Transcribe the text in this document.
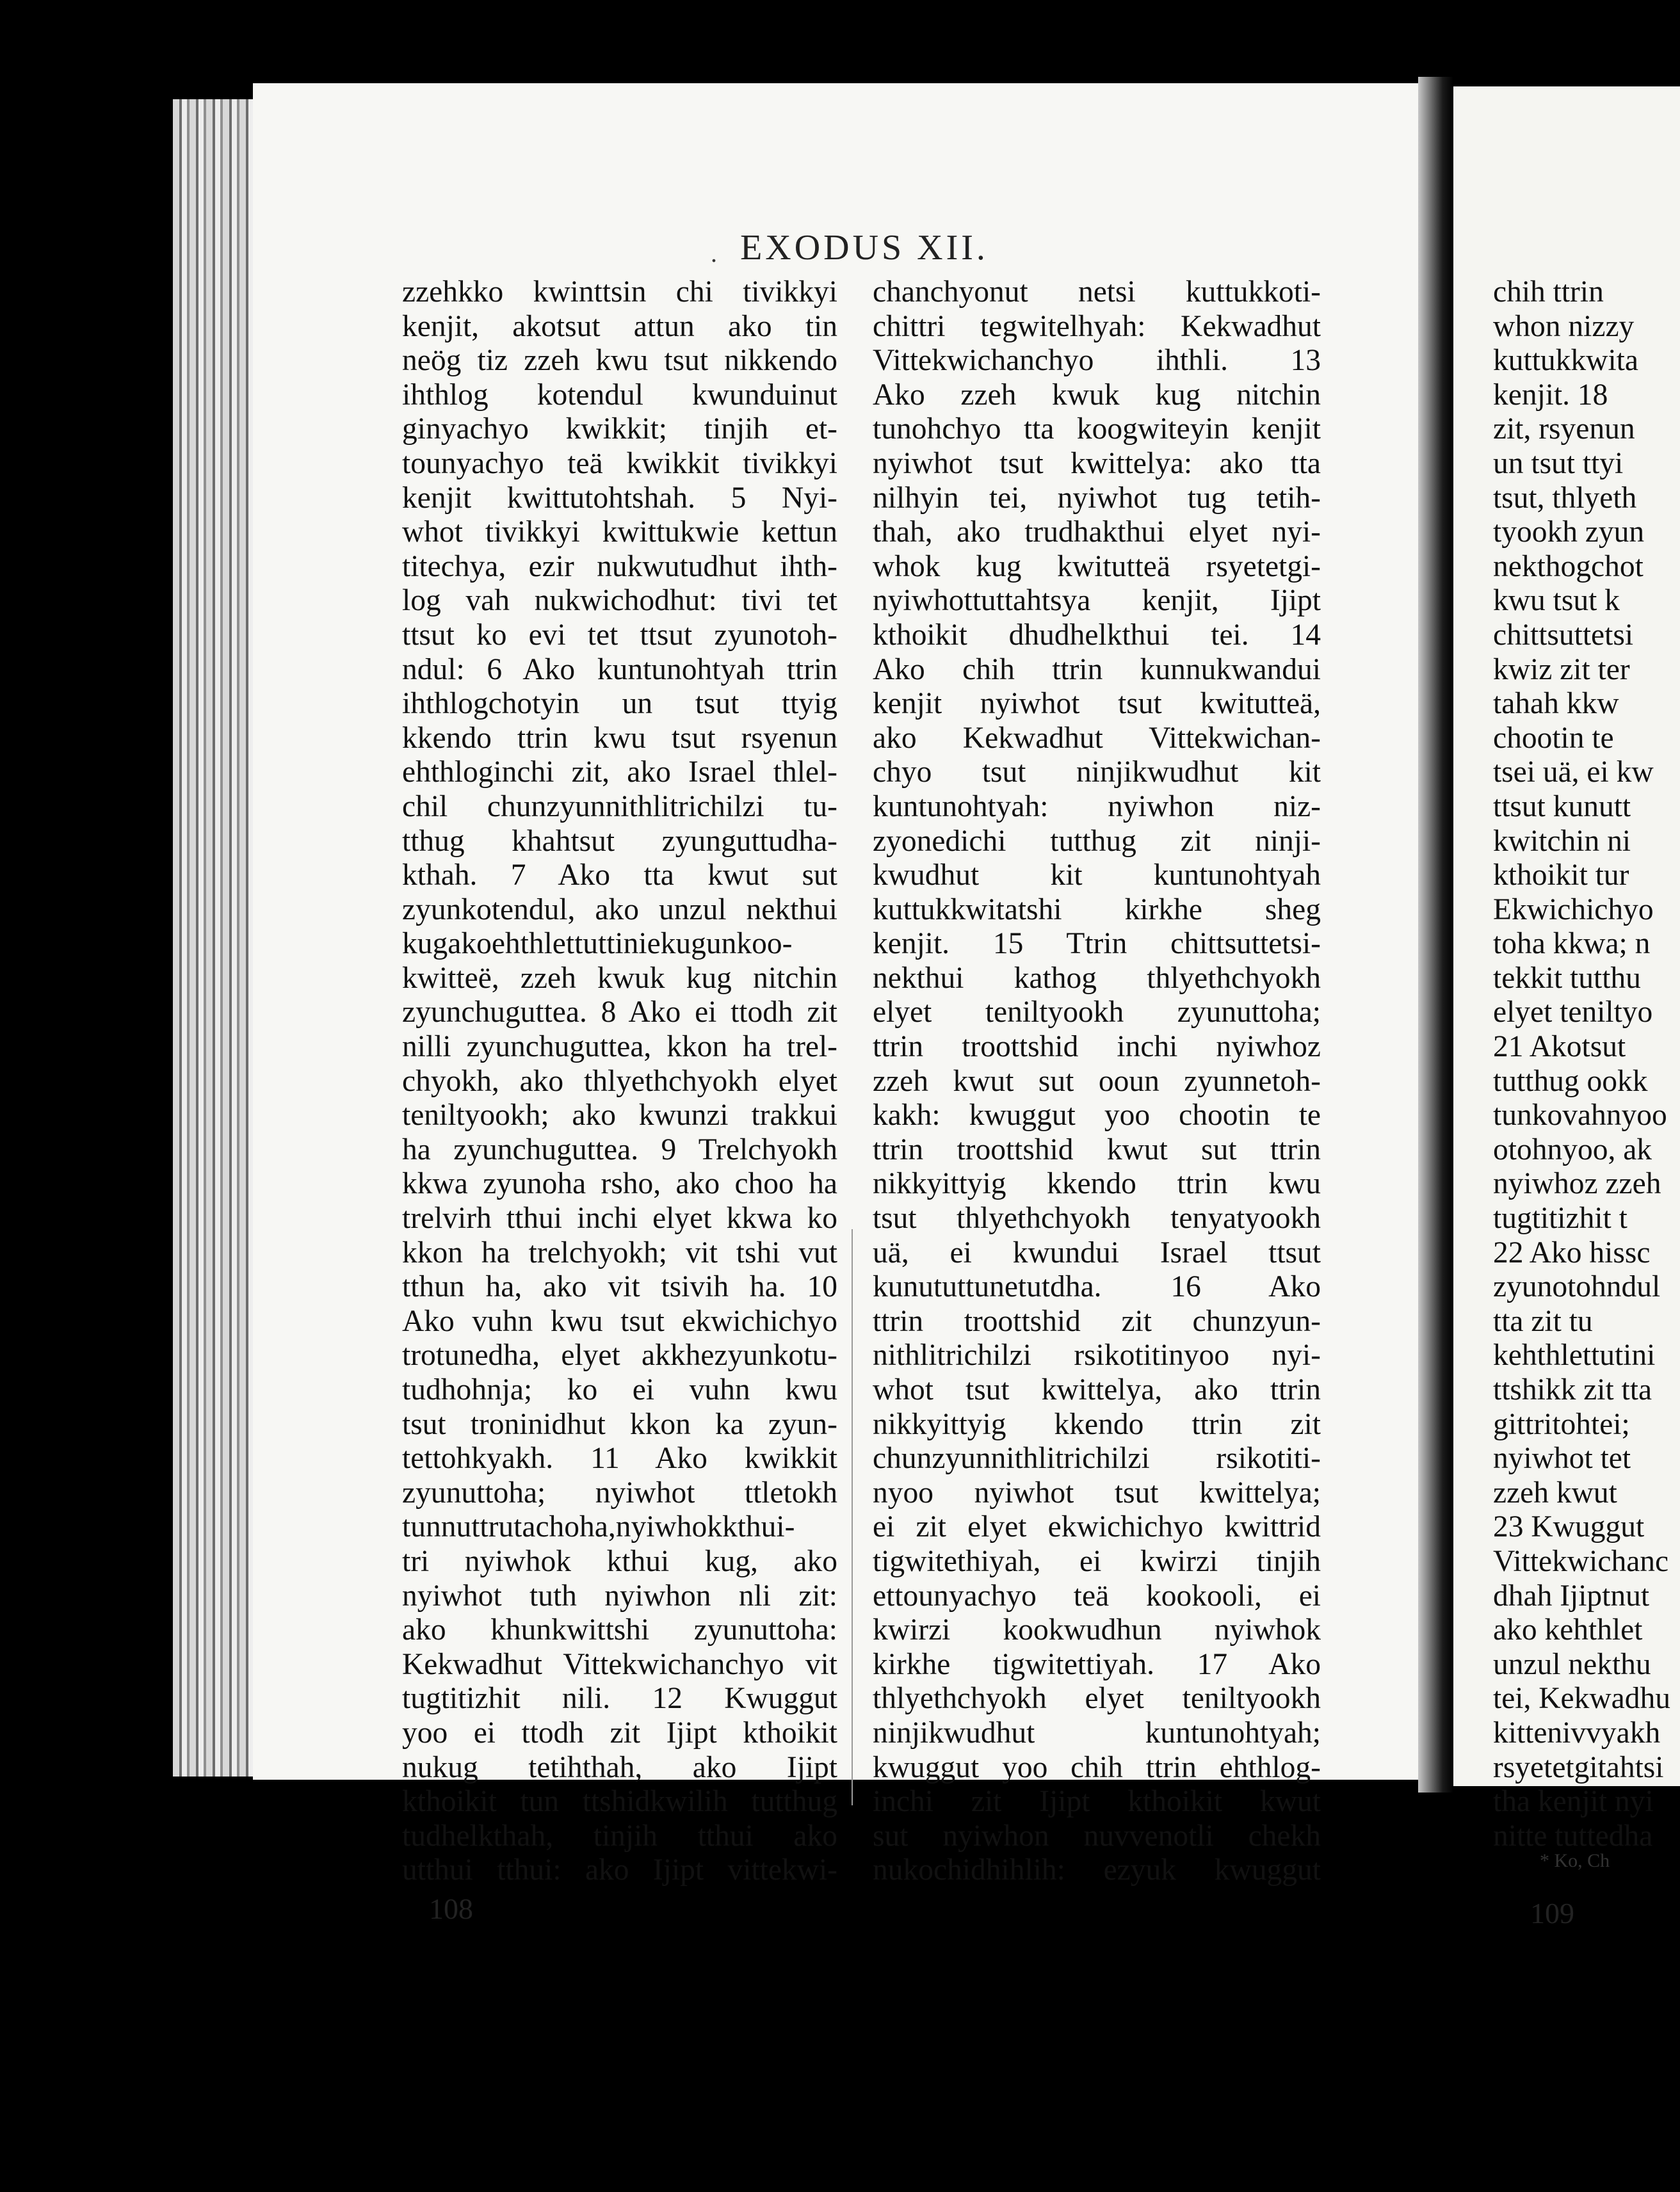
. EXODUS XII.
zzehkko kwinttsin chi tivikkyi
kenjit, akotsut attun ako tin
neög tiz zzeh kwu tsut nikkendo
ihthlog kotendul kwunduinut
ginyachyo kwikkit; tinjih et-
tounyachyo teä kwikkit tivikkyi
kenjit kwittutohtshah. 5 Nyi-
whot tivikkyi kwittukwie kettun
titechya, ezir nukwutudhut ihth-
log vah nukwichodhut: tivi tet
ttsut ko evi tet ttsut zyunotoh-
ndul: 6 Ako kuntunohtyah ttrin
ihthlogchotyin un tsut ttyig
kkendo ttrin kwu tsut rsyenun
ehthloginchi zit, ako Israel thlel-
chil chunzyunnithlitrichilzi tu-
tthug khahtsut zyunguttudha-
kthah. 7 Ako tta kwut sut
zyunkotendul, ako unzul nekthui
kugakoehthlettuttiniekugunkoo-
kwitteë, zzeh kwuk kug nitchin
zyunchuguttea. 8 Ako ei ttodh zit
nilli zyunchuguttea, kkon ha trel-
chyokh, ako thlyethchyokh elyet
teniltyookh; ako kwunzi trakkui
ha zyunchuguttea. 9 Trelchyokh
kkwa zyunoha rsho, ako choo ha
trelvirh tthui inchi elyet kkwa ko
kkon ha trelchyokh; vit tshi vut
tthun ha, ako vit tsivih ha. 10
Ako vuhn kwu tsut ekwichichyo
trotunedha, elyet akkhezyunkotu-
tudhohnja; ko ei vuhn kwu
tsut troninidhut kkon ka zyun-
tettohkyakh. 11 Ako kwikkit
zyunuttoha; nyiwhot ttletokh
tunnuttrutachoha,nyiwhokkthui-
tri nyiwhok kthui kug, ako
nyiwhot tuth nyiwhon nli zit:
ako khunkwittshi zyunuttoha:
Kekwadhut Vittekwichanchyo vit
tugtitizhit nili. 12 Kwuggut
yoo ei ttodh zit Ijipt kthoikit
nukug tetihthah, ako Ijipt
kthoikit tun ttshidkwilih tutthug
tudhelkthah, tinjih tthui ako
utthui tthui: ako Ijipt vittekwi-
chanchyonut netsi kuttukkoti-
chittri tegwitelhyah: Kekwadhut
Vittekwichanchyo ihthli. 13
Ako zzeh kwuk kug nitchin
tunohchyo tta koogwiteyin kenjit
nyiwhot tsut kwittelya: ako tta
nilhyin tei, nyiwhot tug tetih-
thah, ako trudhakthui elyet nyi-
whok kug kwitutteä rsyetetgi-
nyiwhottuttahtsya kenjit, Ijipt
kthoikit dhudhelkthui tei. 14
Ako chih ttrin kunnukwandui
kenjit nyiwhot tsut kwitutteä,
ako Kekwadhut Vittekwichan-
chyo tsut ninjikwudhut kit
kuntunohtyah: nyiwhon niz-
zyonedichi tutthug zit ninji-
kwudhut kit kuntunohtyah
kuttukkwitatshi kirkhe sheg
kenjit. 15 Ttrin chittsuttetsi-
nekthui kathog thlyethchyokh
elyet teniltyookh zyunuttoha;
ttrin troottshid inchi nyiwhoz
zzeh kwut sut ooun zyunnetoh-
kakh: kwuggut yoo chootin te
ttrin troottshid kwut sut ttrin
nikkyittyig kkendo ttrin kwu
tsut thlyethchyokh tenyatyookh
uä, ei kwundui Israel ttsut
kunututtunetutdha. 16 Ako
ttrin troottshid zit chunzyun-
nithlitrichilzi rsikotitinyoo nyi-
whot tsut kwittelya, ako ttrin
nikkyittyig kkendo ttrin zit
chunzyunnithlitrichilzi rsikotiti-
nyoo nyiwhot tsut kwittelya;
ei zit elyet ekwichichyo kwittrid
tigwitethiyah, ei kwirzi tinjih
ettounyachyo teä kookooli, ei
kwirzi kookwudhun nyiwhok
kirkhe tigwitettiyah. 17 Ako
thlyethchyokh elyet teniltyookh
ninjikwudhut kuntunohtyah;
kwuggut yoo chih ttrin ehthlog-
inchi zit Ijipt kthoikit kwut
sut nyiwhon nuvvenotli chekh
nukochidhihlih: ezyuk kwuggut
chih ttrin
whon nizzy
kuttukkwita
kenjit. 18
zit, rsyenun
un tsut ttyi
tsut, thlyeth
tyookh zyun
nekthogchot
kwu tsut k
chittsuttetsi
kwiz zit ter
tahah kkw
chootin te
tsei uä, ei kw
ttsut kunutt
kwitchin ni
kthoikit tur
Ekwichichyo
toha kkwa; n
tekkit tutthu
elyet teniltyo
21 Akotsut
tutthug ookk
tunkovahnyoo
otohnyoo, ak
nyiwhoz zzeh
tugtitizhit t
22 Ako hissc
zyunotohndul
tta zit tu
kehthlettutini
ttshikk zit tta
gittritohtei;
nyiwhot tet
zzeh kwut
23 Kwuggut
Vittekwichanc
dhah Ijiptnut
ako kehthlet
unzul nekthu
tei, Kekwadhu
kittenivvyakh
rsyetetgitahtsi
tha kenjit nyi
nitte tuttedha
108
* Ko, Ch
109
